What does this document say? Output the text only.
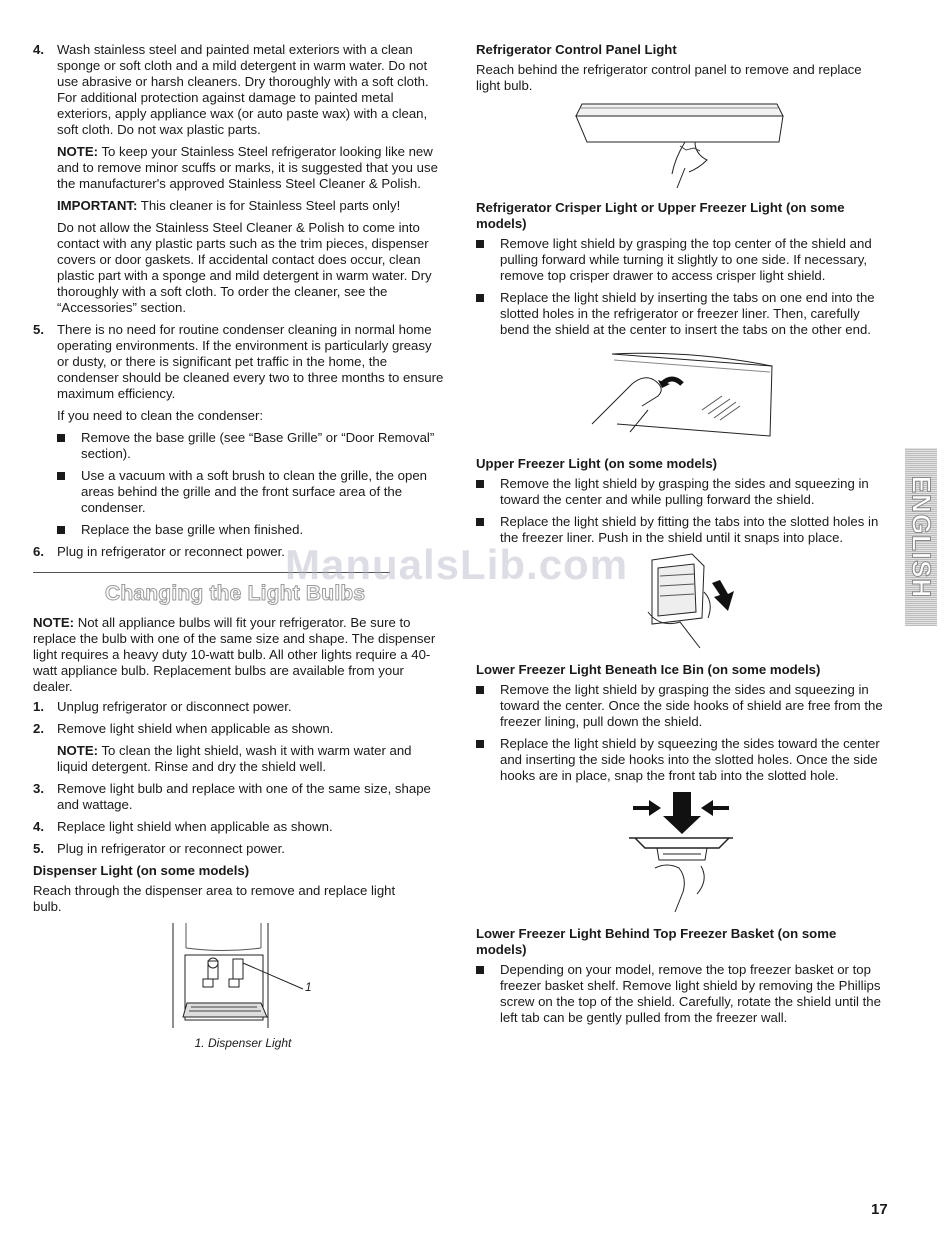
4. Wash stainless steel and painted metal exteriors with a clean sponge or soft cloth and a mild detergent in warm water. Do not use abrasive or harsh cleaners. Dry thoroughly with a soft cloth. For additional protection against damage to painted metal exteriors, apply appliance wax (or auto paste wax) with a clean, soft cloth. Do not wax plastic parts.

NOTE: To keep your Stainless Steel refrigerator looking like new and to remove minor scuffs or marks, it is suggested that you use the manufacturer's approved Stainless Steel Cleaner & Polish.

IMPORTANT: This cleaner is for Stainless Steel parts only!

Do not allow the Stainless Steel Cleaner & Polish to come into contact with any plastic parts such as the trim pieces, dispenser covers or door gaskets. If accidental contact does occur, clean plastic part with a sponge and mild detergent in warm water. Dry thoroughly with a soft cloth. To order the cleaner, see the “Accessories” section.

5. There is no need for routine condenser cleaning in normal home operating environments. If the environment is particularly greasy or dusty, or there is significant pet traffic in the home, the condenser should be cleaned every two to three months to ensure maximum efficiency.

If you need to clean the condenser:

Remove the base grille (see “Base Grille” or “Door Removal” section).

Use a vacuum with a soft brush to clean the grille, the open areas behind the grille and the front surface area of the condenser.

Replace the base grille when finished.

6. Plug in refrigerator or reconnect power.

Changing the Light Bulbs

NOTE: Not all appliance bulbs will fit your refrigerator. Be sure to replace the bulb with one of the same size and shape. The dispenser light requires a heavy duty 10-watt bulb. All other lights require a 40-watt appliance bulb. Replacement bulbs are available from your dealer.

1. Unplug refrigerator or disconnect power.

2. Remove light shield when applicable as shown.

NOTE: To clean the light shield, wash it with warm water and liquid detergent. Rinse and dry the shield well.

3. Remove light bulb and replace with one of the same size, shape and wattage.

4. Replace light shield when applicable as shown.

5. Plug in refrigerator or reconnect power.

Dispenser Light (on some models)

Reach through the dispenser area to remove and replace light bulb.

1
1. Dispenser Light

Refrigerator Control Panel Light

Reach behind the refrigerator control panel to remove and replace light bulb.

Refrigerator Crisper Light or Upper Freezer Light (on some models)

Remove light shield by grasping the top center of the shield and pulling forward while turning it slightly to one side. If necessary, remove top crisper drawer to access crisper light shield.

Replace the light shield by inserting the tabs on one end into the slotted holes in the refrigerator or freezer liner. Then, carefully bend the shield at the center to insert the tabs on the other end.

Upper Freezer Light (on some models)

Remove the light shield by grasping the sides and squeezing in toward the center and while pulling forward the shield.

Replace the light shield by fitting the tabs into the slotted holes in the freezer liner. Push in the shield until it snaps into place.

Lower Freezer Light Beneath Ice Bin (on some models)

Remove the light shield by grasping the sides and squeezing in toward the center. Once the side hooks of shield are free from the freezer lining, pull down the shield.

Replace the light shield by squeezing the sides toward the center and inserting the side hooks into the slotted holes. Once the side hooks are in place, snap the front tab into the slotted hole.

Lower Freezer Light Behind Top Freezer Basket (on some models)

Depending on your model, remove the top freezer basket or top freezer basket shelf. Remove light shield by removing the Phillips screw on the top of the shield. Carefully, rotate the shield until the left tab can be gently pulled from the freezer wall.

ENGLISH
ManualsLib.com
17
